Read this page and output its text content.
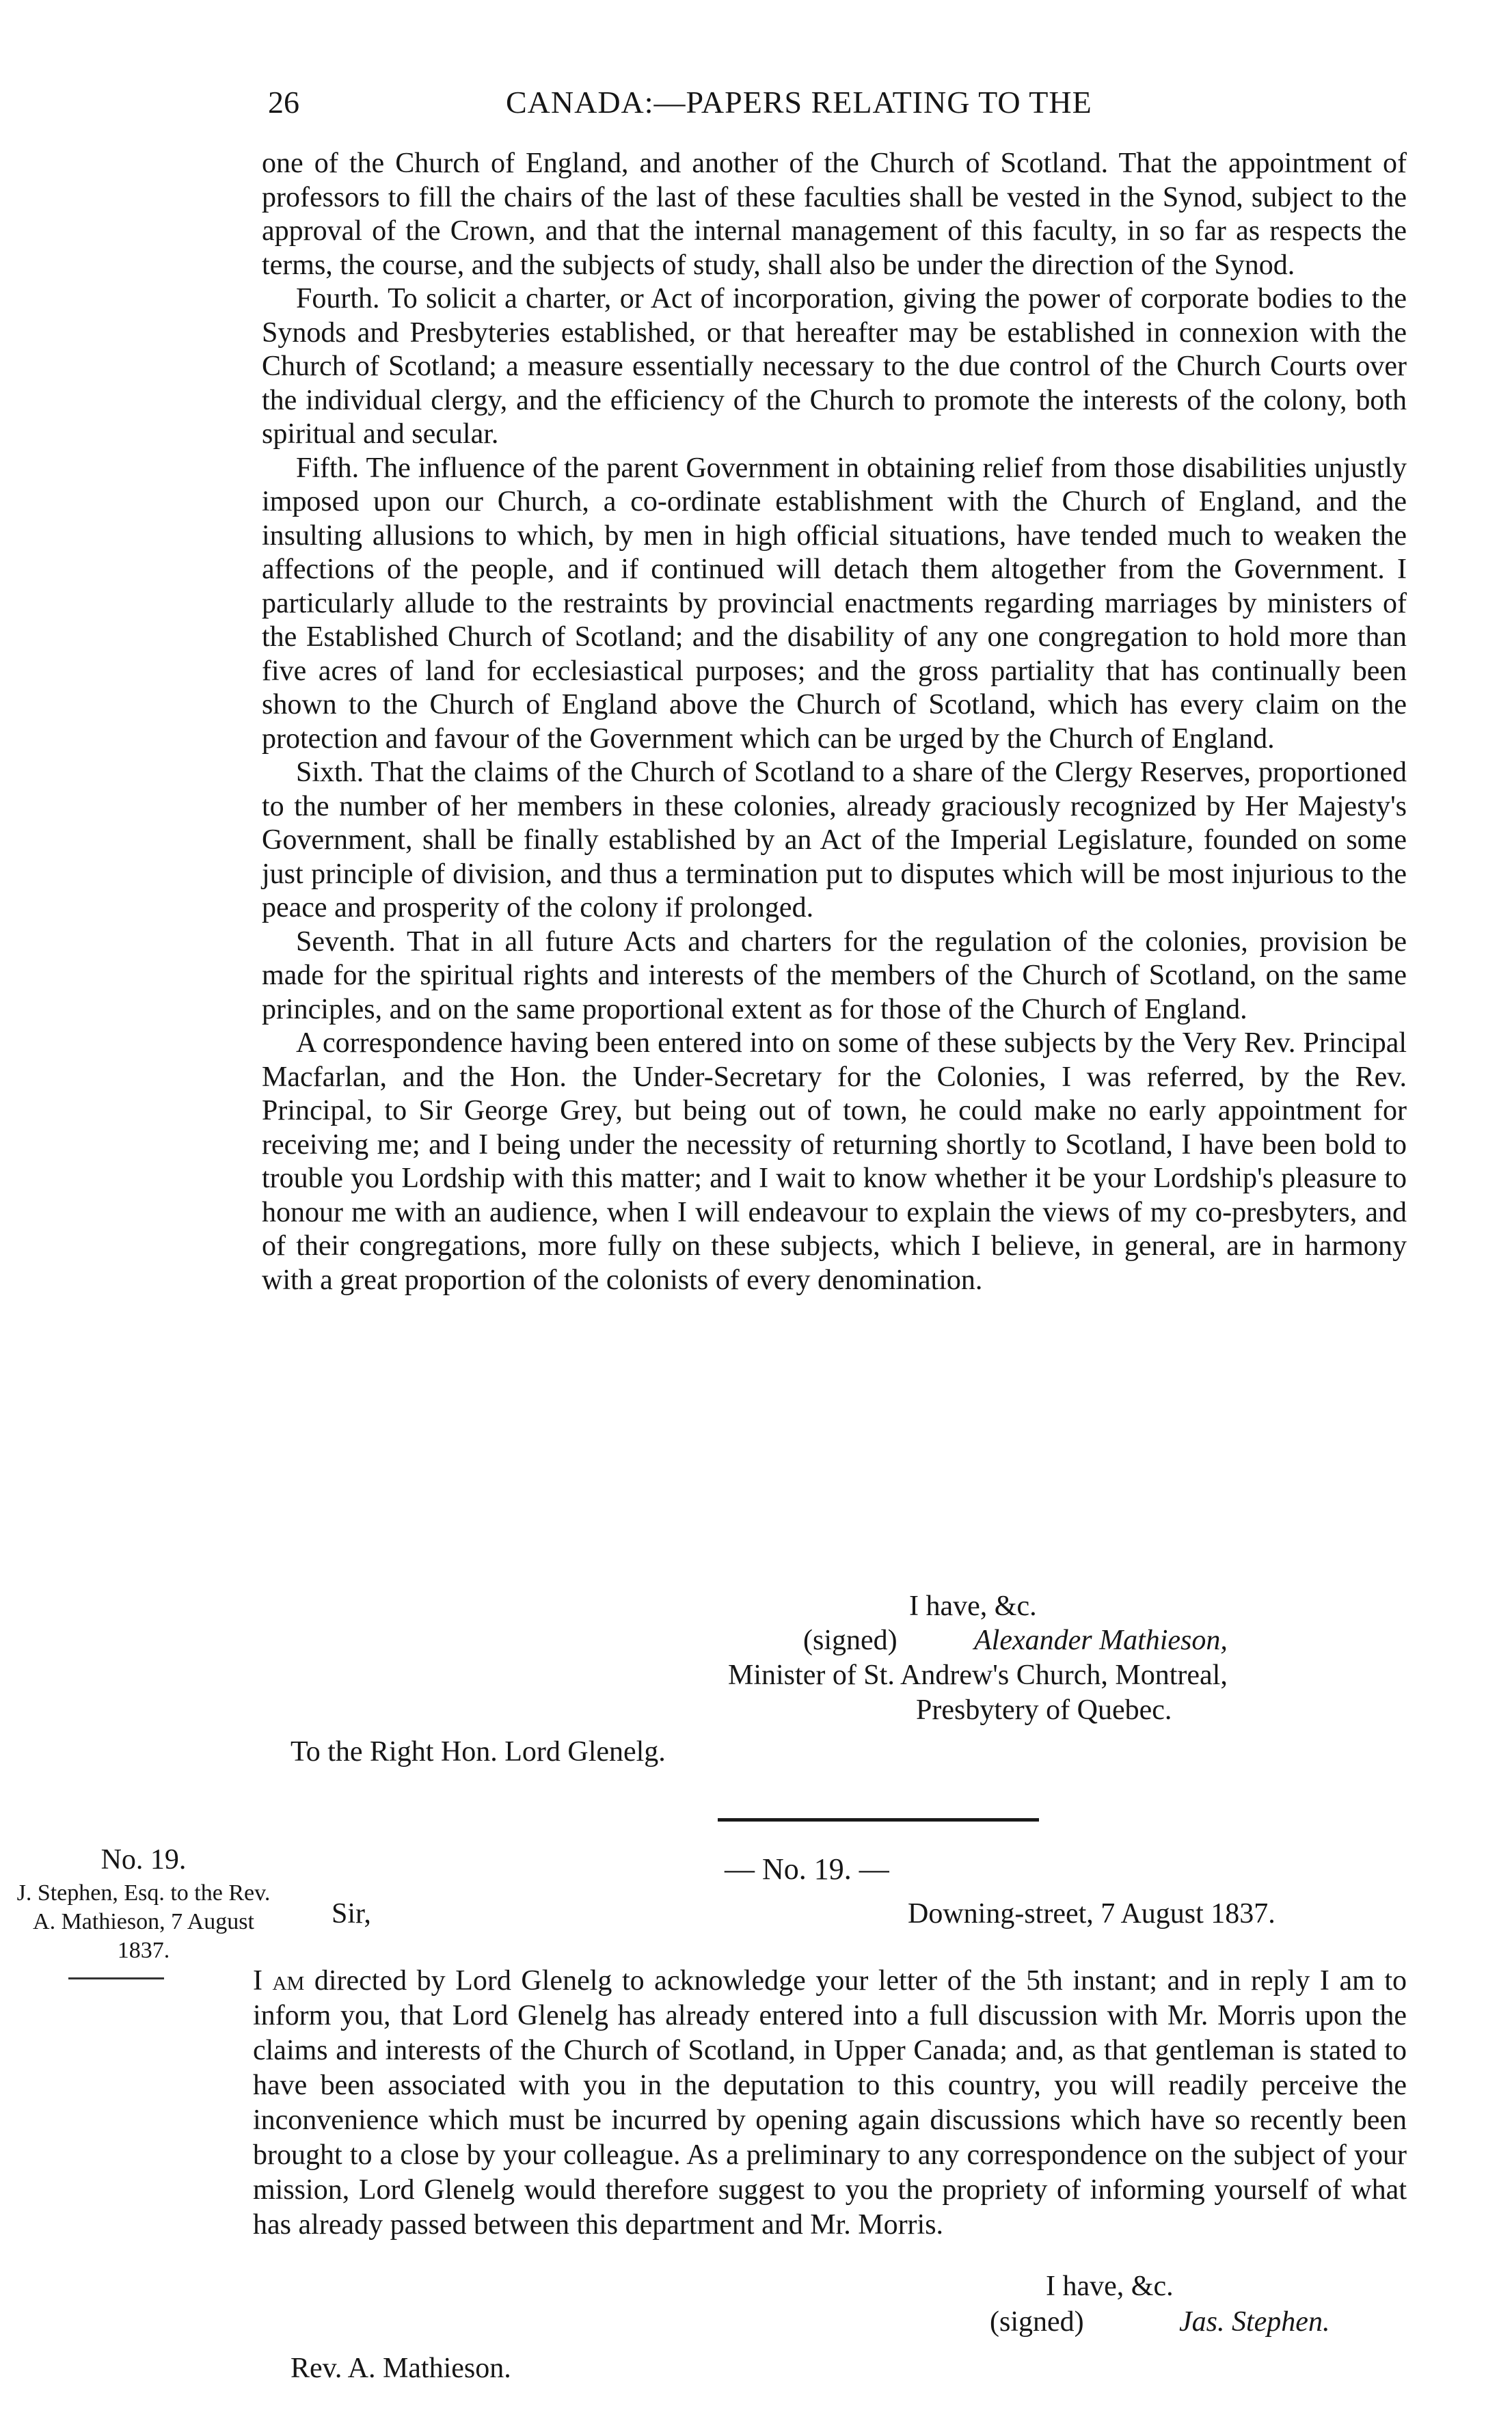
26	CANADA:—PAPERS RELATING TO THE

one of the Church of England, and another of the Church of Scotland. That the appointment of professors to fill the chairs of the last of these faculties shall be vested in the Synod, subject to the approval of the Crown, and that the internal management of this faculty, in so far as respects the terms, the course, and the subjects of study, shall also be under the direction of the Synod.

Fourth. To solicit a charter, or Act of incorporation, giving the power of corporate bodies to the Synods and Presbyteries established, or that hereafter may be established in connexion with the Church of Scotland; a measure essentially necessary to the due control of the Church Courts over the individual clergy, and the efficiency of the Church to promote the interests of the colony, both spiritual and secular.

Fifth. The influence of the parent Government in obtaining relief from those disabilities unjustly imposed upon our Church, a co-ordinate establishment with the Church of England, and the insulting allusions to which, by men in high official situations, have tended much to weaken the affections of the people, and if continued will detach them altogether from the Government. I particularly allude to the restraints by provincial enactments regarding marriages by ministers of the Established Church of Scotland; and the disability of any one congregation to hold more than five acres of land for ecclesiastical purposes; and the gross partiality that has continually been shown to the Church of England above the Church of Scotland, which has every claim on the protection and favour of the Government which can be urged by the Church of England.

Sixth. That the claims of the Church of Scotland to a share of the Clergy Reserves, proportioned to the number of her members in these colonies, already graciously recognized by Her Majesty's Government, shall be finally established by an Act of the Imperial Legislature, founded on some just principle of division, and thus a termination put to disputes which will be most injurious to the peace and prosperity of the colony if prolonged.

Seventh. That in all future Acts and charters for the regulation of the colonies, provision be made for the spiritual rights and interests of the members of the Church of Scotland, on the same principles, and on the same proportional extent as for those of the Church of England.

A correspondence having been entered into on some of these subjects by the Very Rev. Principal Macfarlan, and the Hon. the Under-Secretary for the Colonies, I was referred, by the Rev. Principal, to Sir George Grey, but being out of town, he could make no early appointment for receiving me; and I being under the necessity of returning shortly to Scotland, I have been bold to trouble you Lordship with this matter; and I wait to know whether it be your Lordship's pleasure to honour me with an audience, when I will endeavour to explain the views of my co-presbyters, and of their congregations, more fully on these subjects, which I believe, in general, are in harmony with a great proportion of the colonists of every denomination.

I have, &c.
(signed)	Alexander Mathieson,
Minister of St. Andrew's Church, Montreal,
Presbytery of Quebec.
To the Right Hon. Lord Glenelg.
No. 19.
J. Stephen, Esq. to the Rev. A. Mathieson, 7 August 1837.
— No. 19. —
Sir,	Downing-street, 7 August 1837.

I am directed by Lord Glenelg to acknowledge your letter of the 5th instant; and in reply I am to inform you, that Lord Glenelg has already entered into a full discussion with Mr. Morris upon the claims and interests of the Church of Scotland, in Upper Canada; and, as that gentleman is stated to have been associated with you in the deputation to this country, you will readily perceive the inconvenience which must be incurred by opening again discussions which have so recently been brought to a close by your colleague. As a preliminary to any correspondence on the subject of your mission, Lord Glenelg would therefore suggest to you the propriety of informing yourself of what has already passed between this department and Mr. Morris.

I have, &c.
(signed)	Jas. Stephen.
Rev. A. Mathieson.
